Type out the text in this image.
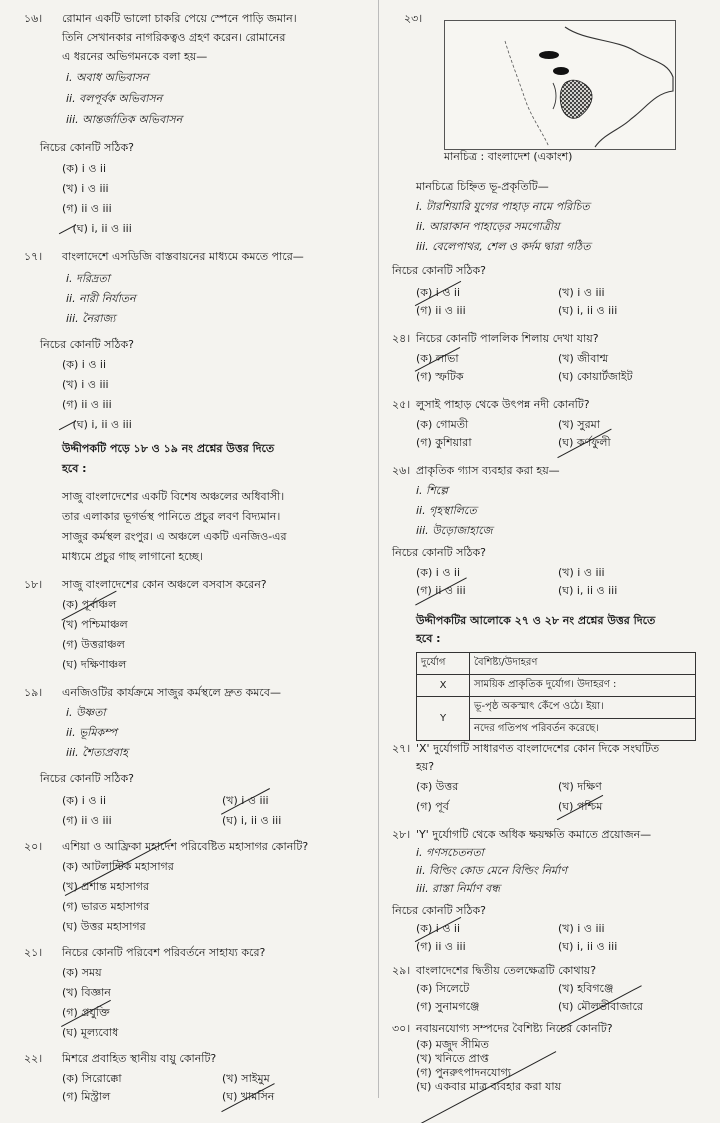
১৬। রোমান একটি ভালো চাকরি পেয়ে স্পেনে পাড়ি জমান।
তিনি সেখানকার নাগরিকত্বও গ্রহণ করেন। রোমানের
এ ধরনের অভিগমনকে বলা হয়—
i. অবাধ অভিবাসন
ii. বলপূর্বক অভিবাসন
iii. আন্তর্জাতিক অভিবাসন
নিচের কোনটি সঠিক?
(ক) i ও ii
(খ) i ও iii
(গ) ii ও iii
(ঘ) i, ii ও iii
১৭। বাংলাদেশে এসডিজি বাস্তবায়নের মাধ্যমে কমতে পারে—
i. দরিদ্রতা
ii. নারী নির্যাতন
iii. নৈরাজ্য
নিচের কোনটি সঠিক?
(ক) i ও ii
(খ) i ও iii
(গ) ii ও iii
(ঘ) i, ii ও iii
উদ্দীপকটি পড়ে ১৮ ও ১৯ নং প্রশ্নের উত্তর দিতে
হবে :
সাজু বাংলাদেশের একটি বিশেষ অঞ্চলের অধিবাসী।
তার এলাকার ভূগর্ভস্থ পানিতে প্রচুর লবণ বিদ্যমান।
সাজুর কর্মস্থল রংপুর। এ অঞ্চলে একটি এনজিও-এর
মাধ্যমে প্রচুর গাছ লাগানো হচ্ছে।
১৮। সাজু বাংলাদেশের কোন অঞ্চলে বসবাস করেন?
(ক) পূর্বাঞ্চল
(খ) পশ্চিমাঞ্চল
(গ) উত্তরাঞ্চল
(ঘ) দক্ষিণাঞ্চল
১৯। এনজিওটির কার্যক্রমে সাজুর কর্মস্থলে দ্রুত কমবে—
i. উষ্ণতা
ii. ভূমিকম্প
iii. শৈত্যপ্রবাহ
নিচের কোনটি সঠিক?
(ক) i ও ii	(খ) i ও iii
(গ) ii ও iii	(ঘ) i, ii ও iii
২০। এশিয়া ও আফ্রিকা মহাদেশ পরিবেষ্টিত মহাসাগর কোনটি?
(ক) আটলান্টিক মহাসাগর
(খ) প্রশান্ত মহাসাগর
(গ) ভারত মহাসাগর
(ঘ) উত্তর মহাসাগর
২১। নিচের কোনটি পরিবেশ পরিবর্তনে সাহায্য করে?
(ক) সময়
(খ) বিজ্ঞান
(গ) প্রযুক্তি
(ঘ) মূল্যবোধ
২২। মিশরে প্রবাহিত স্থানীয় বায়ু কোনটি?
(ক) সিরোক্কো	(খ) সাইমুম
(গ) মিস্ট্রাল	(ঘ) খামসিন
২৩।
মানচিত্র : বাংলাদেশ (একাংশ)
মানচিত্রে চিহ্নিত ভূ-প্রকৃতিটি—
i. টারশিয়ারি যুগের পাহাড় নামে পরিচিত
ii. আরাকান পাহাড়ের সমগোত্রীয়
iii. বেলেপাথর, শেল ও কর্দম দ্বারা গঠিত
নিচের কোনটি সঠিক?
(ক) i ও ii	(খ) i ও iii
(গ) ii ও iii	(ঘ) i, ii ও iii
২৪। নিচের কোনটি পাললিক শিলায় দেখা যায়?
(ক) লাভা	(খ) জীবাশ্ম
(গ) স্ফটিক	(ঘ) কোয়ার্টজাইট
২৫। লুসাই পাহাড় থেকে উৎপন্ন নদী কোনটি?
(ক) গোমতী	(খ) সুরমা
(গ) কুশিয়ারা	(ঘ) কর্ণফুলী
২৬। প্রাকৃতিক গ্যাস ব্যবহার করা হয়—
i. শিল্পে
ii. গৃহস্থালিতে
iii. উড়োজাহাজে
নিচের কোনটি সঠিক?
(ক) i ও ii	(খ) i ও iii
(গ) ii ও iii	(ঘ) i, ii ও iii
উদ্দীপকটির আলোকে ২৭ ও ২৮ নং প্রশ্নের উত্তর দিতে
হবে :
দুর্যোগ	বৈশিষ্ট্য/উদাহরণ
X	সাময়িক প্রাকৃতিক দুর্যোগ। উদাহরণ :
Y	ভূ-পৃষ্ঠ অকস্মাৎ কেঁপে ওঠে। ইয়া।
	নদের গতিপথ পরিবর্তন করেছে।
২৭। 'X' দুর্যোগটি সাধারণত বাংলাদেশের কোন দিকে সংঘটিত
হয়?
(ক) উত্তর	(খ) দক্ষিণ
(গ) পূর্ব	(ঘ) পশ্চিম
২৮। 'Y' দুর্যোগটি থেকে অধিক ক্ষয়ক্ষতি কমাতে প্রয়োজন—
i. গণসচেতনতা
ii. বিল্ডিং কোড মেনে বিল্ডিং নির্মাণ
iii. রাস্তা নির্মাণ বন্ধ
নিচের কোনটি সঠিক?
(ক) i ও ii	(খ) i ও iii
(গ) ii ও iii	(ঘ) i, ii ও iii
২৯। বাংলাদেশের দ্বিতীয় তেলক্ষেত্রটি কোথায়?
(ক) সিলেটে	(খ) হবিগঞ্জে
(গ) সুনামগঞ্জে	(ঘ) মৌলভীবাজারে
৩০। নবায়নযোগ্য সম্পদের বৈশিষ্ট্য নিচের কোনটি?
(ক) মজুদ সীমিত
(খ) খনিতে প্রাপ্ত
(গ) পুনরুৎপাদনযোগ্য
(ঘ) একবার মাত্র ব্যবহার করা যায়
